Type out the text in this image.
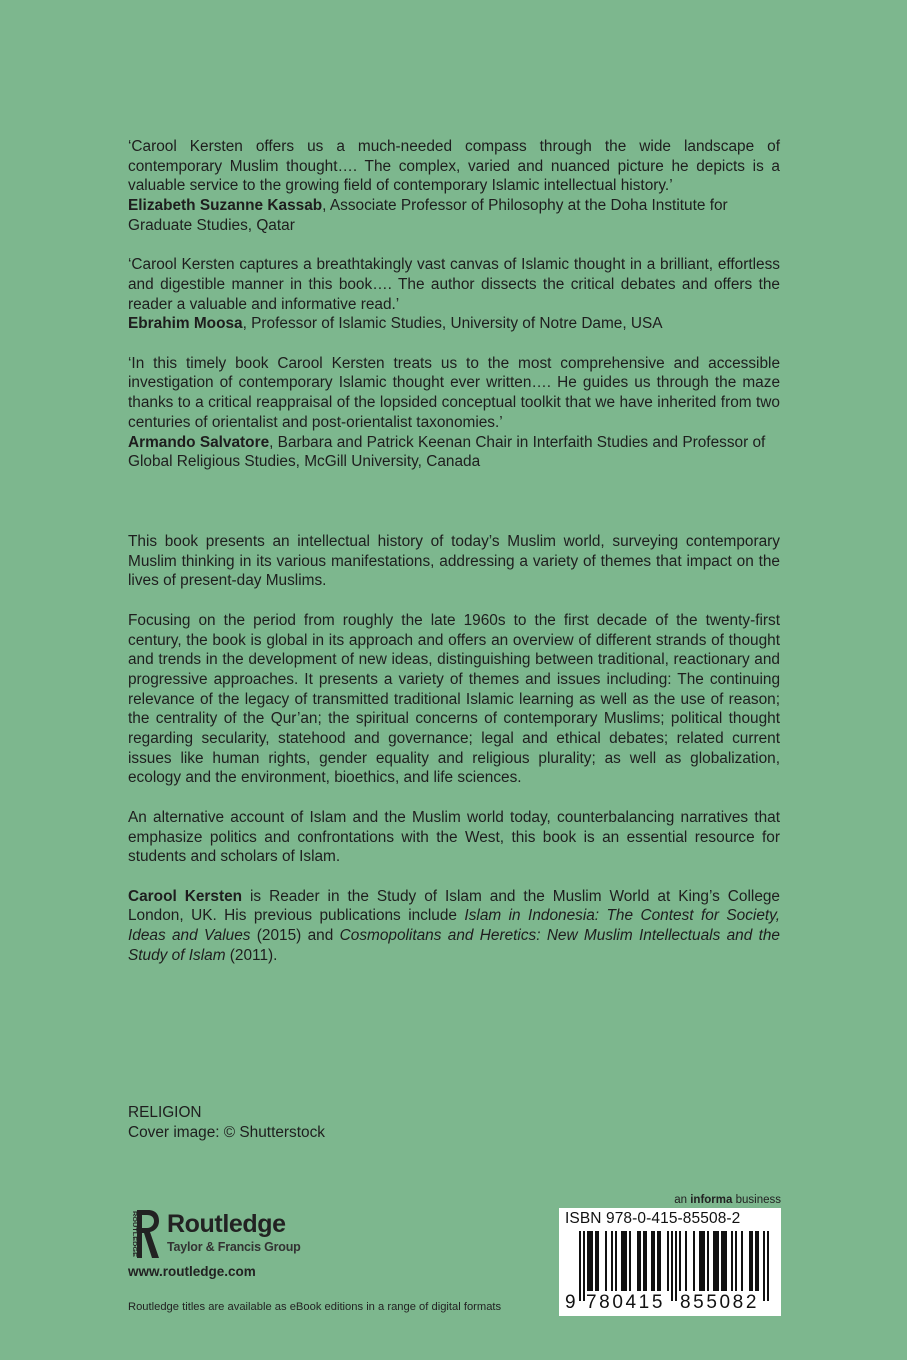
‘Carool Kersten offers us a much-needed compass through the wide landscape of contemporary Muslim thought…. The complex, varied and nuanced picture he depicts is a valuable service to the growing field of contemporary Islamic intellectual history.’

Elizabeth Suzanne Kassab, Associate Professor of Philosophy at the Doha Institute for Graduate Studies, Qatar

‘Carool Kersten captures a breathtakingly vast canvas of Islamic thought in a brilliant, effortless and digestible manner in this book…. The author dissects the critical debates and offers the reader a valuable and informative read.’

Ebrahim Moosa, Professor of Islamic Studies, University of Notre Dame, USA

‘In this timely book Carool Kersten treats us to the most comprehensive and accessible investigation of contemporary Islamic thought ever written…. He guides us through the maze thanks to a critical reappraisal of the lopsided conceptual toolkit that we have inherited from two centuries of orientalist and post-orientalist taxonomies.’

Armando Salvatore, Barbara and Patrick Keenan Chair in Interfaith Studies and Professor of Global Religious Studies, McGill University, Canada

This book presents an intellectual history of today’s Muslim world, surveying contemporary Muslim thinking in its various manifestations, addressing a variety of themes that impact on the lives of present-day Muslims.

Focusing on the period from roughly the late 1960s to the first decade of the twenty-first century, the book is global in its approach and offers an overview of different strands of thought and trends in the development of new ideas, distinguishing between traditional, reactionary and progressive approaches. It presents a variety of themes and issues including: The continuing relevance of the legacy of transmitted traditional Islamic learning as well as the use of reason; the centrality of the Qur’an; the spiritual concerns of contemporary Muslims; political thought regarding secularity, statehood and governance; legal and ethical debates; related current issues like human rights, gender equality and religious plurality; as well as globalization, ecology and the environment, bioethics, and life sciences.

An alternative account of Islam and the Muslim world today, counterbalancing narratives that emphasize politics and confrontations with the West, this book is an essential resource for students and scholars of Islam.

Carool Kersten is Reader in the Study of Islam and the Muslim World at King’s College London, UK. His previous publications include Islam in Indonesia: The Contest for Society, Ideas and Values (2015) and Cosmopolitans and Heretics: New Muslim Intellectuals and the Study of Islam (2011).

RELIGION
Cover image: © Shutterstock
ROUTLEDGE Routledge
Taylor & Francis Group
www.routledge.com
Routledge titles are available as eBook editions in a range of digital formats
an informa business
ISBN 978-0-415-85508-2
9 780415 855082
